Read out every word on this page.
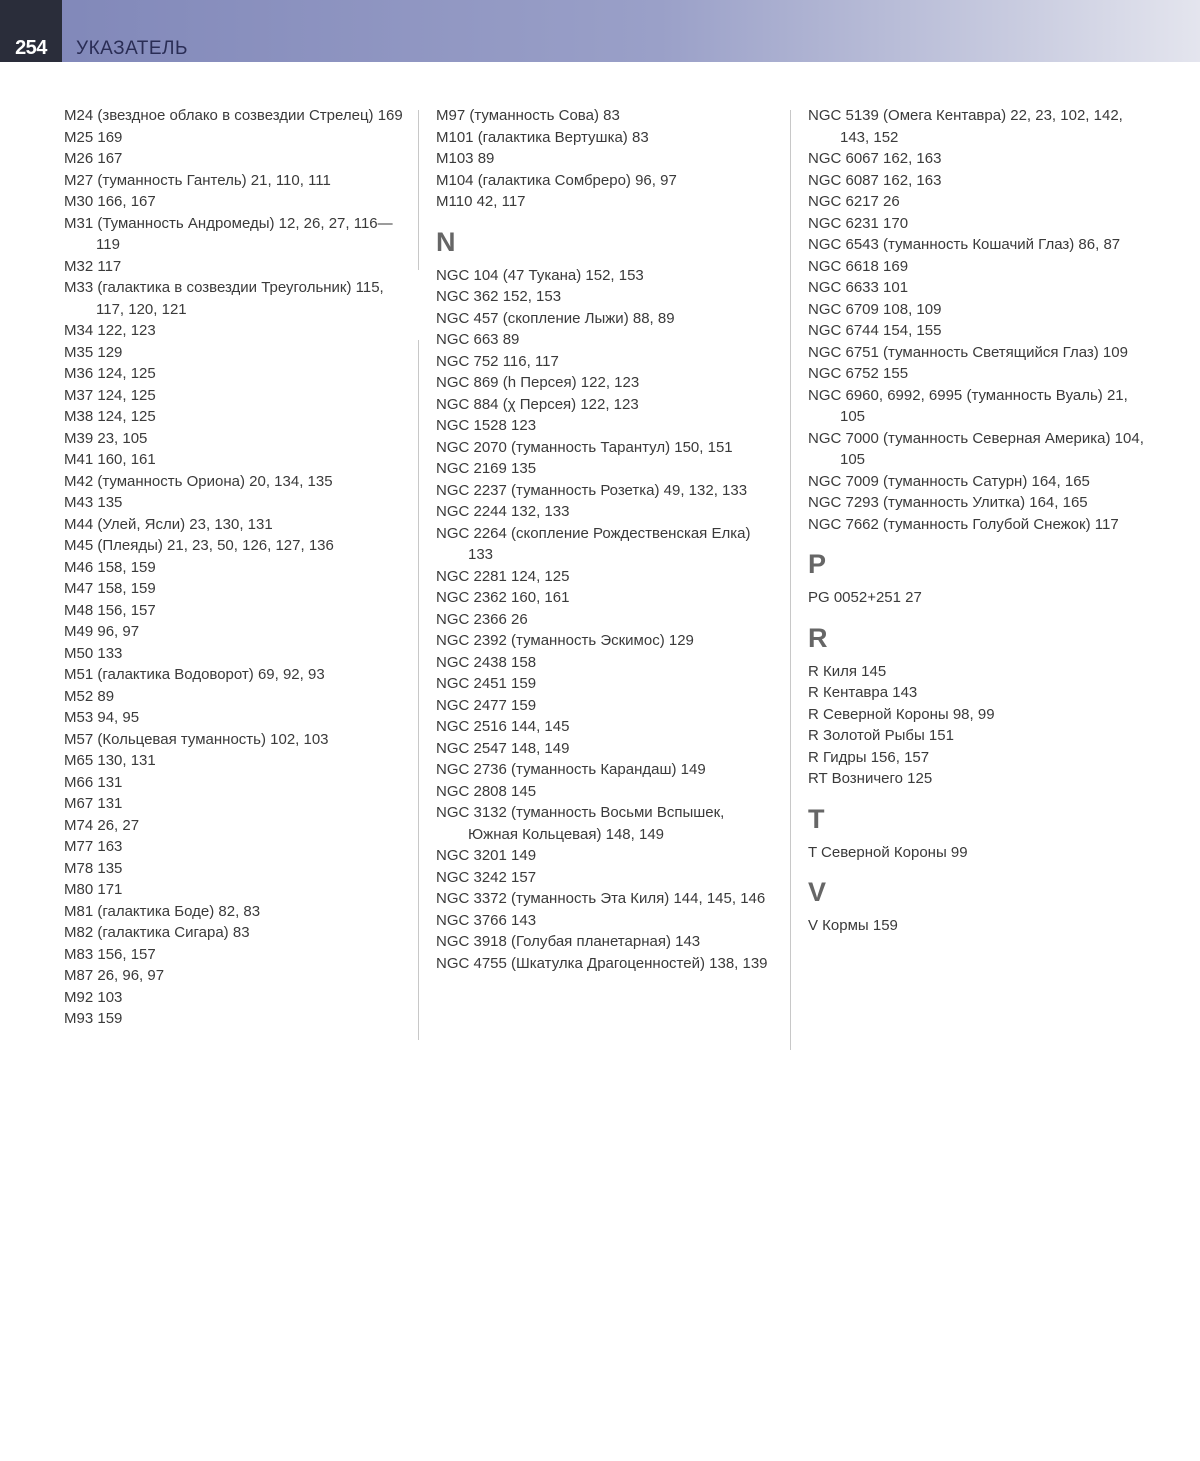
254	УКАЗАТЕЛЬ

M24 (звездное облако в созвездии Стрелец) 169

M25 169

M26 167

M27 (туманность Гантель) 21, 110, 111

M30 166, 167

M31 (Туманность Андромеды) 12, 26, 27, 116—119

M32 117

M33 (галактика в созвездии Треугольник) 115, 117, 120, 121

M34 122, 123

M35 129

M36 124, 125

M37 124, 125

M38 124, 125

M39 23, 105

M41 160, 161

M42 (туманность Ориона) 20, 134, 135

M43 135

M44 (Улей, Ясли) 23, 130, 131

M45 (Плеяды) 21, 23, 50, 126, 127, 136

M46 158, 159

M47 158, 159

M48 156, 157

M49 96, 97

M50 133

M51 (галактика Водоворот) 69, 92, 93

M52 89

M53 94, 95

M57 (Кольцевая туманность) 102, 103

M65 130, 131

M66 131

M67 131

M74 26, 27

M77 163

M78 135

M80 171

M81 (галактика Боде) 82, 83

M82 (галактика Сигара) 83

M83 156, 157

M87 26, 96, 97

M92 103

M93 159

M97 (туманность Сова) 83

M101 (галактика Вертушка) 83

M103 89

M104 (галактика Сомбреро) 96, 97

M110 42, 117

N

NGC 104 (47 Тукана) 152, 153

NGC 362 152, 153

NGC 457 (скопление Лыжи) 88, 89

NGC 663 89

NGC 752 116, 117

NGC 869 (h Персея) 122, 123

NGC 884 (χ Персея) 122, 123

NGC 1528 123

NGC 2070 (туманность Тарантул) 150, 151

NGC 2169 135

NGC 2237 (туманность Розетка) 49, 132, 133

NGC 2244 132, 133

NGC 2264 (скопление Рождественская Елка) 133

NGC 2281 124, 125

NGC 2362 160, 161

NGC 2366 26

NGC 2392 (туманность Эскимос) 129

NGC 2438 158

NGC 2451 159

NGC 2477 159

NGC 2516 144, 145

NGC 2547 148, 149

NGC 2736 (туманность Карандаш) 149

NGC 2808 145

NGC 3132 (туманность Восьми Вспышек, Южная Кольцевая) 148, 149

NGC 3201 149

NGC 3242 157

NGC 3372 (туманность Эта Киля) 144, 145, 146

NGC 3766 143

NGC 3918 (Голубая планетарная) 143

NGC 4755 (Шкатулка Драгоценностей) 138, 139

NGC 5139 (Омега Кентавра) 22, 23, 102, 142, 143, 152

NGC 6067 162, 163

NGC 6087 162, 163

NGC 6217 26

NGC 6231 170

NGC 6543 (туманность Кошачий Глаз) 86, 87

NGC 6618 169

NGC 6633 101

NGC 6709 108, 109

NGC 6744 154, 155

NGC 6751 (туманность Светящийся Глаз) 109

NGC 6752 155

NGC 6960, 6992, 6995 (туманность Вуаль) 21, 105

NGC 7000 (туманность Северная Америка) 104, 105

NGC 7009 (туманность Сатурн) 164, 165

NGC 7293 (туманность Улитка) 164, 165

NGC 7662 (туманность Голубой Снежок) 117

P

PG 0052+251 27

R

R Киля 145

R Кентавра 143

R Северной Короны 98, 99

R Золотой Рыбы 151

R Гидры 156, 157

RT Возничего 125

T

T Северной Короны 99

V

V Кормы 159
